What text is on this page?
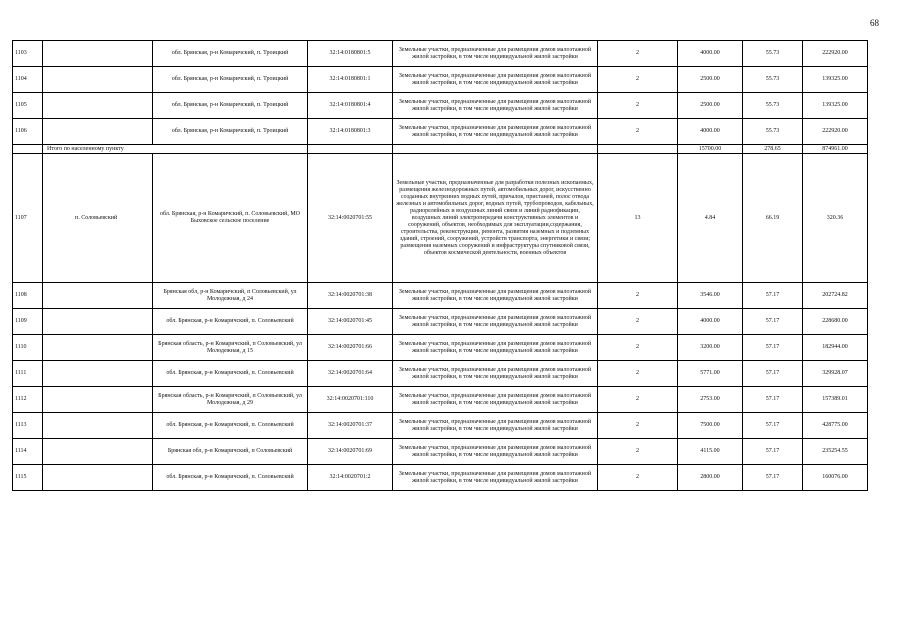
68
1103		обл. Брянская, р-н Комаричский, п. Троицкий	32:14:0180801:5	Земельные участки, предназначенные для размещения домов малоэтажной жилой застройки, в том числе индивидуальной жилой застройки	2	4000.00	55.73	222920.00
1104		обл. Брянская, р-н Комаричский, п. Троицкий	32:14:0180801:1	Земельные участки, предназначенные для размещения домов малоэтажной жилой застройки, в том числе индивидуальной жилой застройки	2	2500.00	55.73	139325.00
1105		обл. Брянская, р-н Комаричский, п. Троицкий	32:14:0180801:4	Земельные участки, предназначенные для размещения домов малоэтажной жилой застройки, в том числе индивидуальной жилой застройки	2	2500.00	55.73	139325.00
1106		обл. Брянская, р-н Комаричский, п. Троицкий	32:14:0180801:3	Земельные участки, предназначенные для размещения домов малоэтажной жилой застройки, в том числе индивидуальной жилой застройки	2	4000.00	55.73	222920.00
	Итого по населенному пункту					15700.00	278.65	874961.00
1107	п. Соловьевский	обл. Брянская, р-н Комаричский, п. Соловьевский, МО Быховское сельское поселение	32:14:0020701:55	Земельные участки, предназначенные для разработки полезных ископаемых, размещения железнодорожных путей, автомобильных дорог, искусственно созданных внутренних водных путей, причалов, пристаней, полос отвода железных и автомобильных дорог, водных путей, трубопроводов, кабельных, радиорелейных и воздушных линий связи и линий радиофикации, воздушных линий электропередачи конструктивных элементов и сооружений, объектов, необходимых для эксплуатации,содержания, строительства, реконструкции, ремонта, развития наземных и подземных зданий, строений, сооружений, устройств транспорта, энергетики и связи; размещения наземных сооружений и инфраструктуры спутниковой связи, объектов космической деятельности, военных объектов	13	4.84	66.19	320.36
1108		Брянская обл, р-н Комаричский, п Соловьевский, ул Молодежная, д 24	32:14:0020701:38	Земельные участки, предназначенные для размещения домов малоэтажной жилой застройки, в том числе индивидуальной жилой застройки	2	3546.00	57.17	202724.82
1109		обл. Брянская, р-н Комаричский, п. Соловьевский	32:14:0020701:45	Земельные участки, предназначенные для размещения домов малоэтажной жилой застройки, в том числе индивидуальной жилой застройки	2	4000.00	57.17	228680.00
1110		Брянская область, р-н Комаричский, п Соловьевский, ул Молодежная, д 15	32:14:0020701:66	Земельные участки, предназначенные для размещения домов малоэтажной жилой застройки, в том числе индивидуальной жилой застройки	2	3200.00	57.17	182944.00
1111		обл. Брянская, р-н Комаричский, п. Соловьевский	32:14:0020701:64	Земельные участки, предназначенные для размещения домов малоэтажной жилой застройки, в том числе индивидуальной жилой застройки	2	5771.00	57.17	329928.07
1112		Брянская область, р-н Комаричский, п Соловьевский, ул Молодежная, д 29	32:14:0020701:110	Земельные участки, предназначенные для размещения домов малоэтажной жилой застройки, в том числе индивидуальной жилой застройки	2	2753.00	57.17	157389.01
1113		обл. Брянская, р-н Комаричский, п. Соловьевский	32:14:0020701:37	Земельные участки, предназначенные для размещения домов малоэтажной жилой застройки, в том числе индивидуальной жилой застройки	2	7500.00	57.17	428775.00
1114		Брянская обл, р-н Комаричский, п Соловьевский	32:14:0020701:69	Земельные участки, предназначенные для размещения домов малоэтажной жилой застройки, в том числе индивидуальной жилой застройки	2	4115.00	57.17	235254.55
1115		обл. Брянская, р-н Комаричский, п. Соловьевский	32:14:0020701:2	Земельные участки, предназначенные для размещения домов малоэтажной жилой застройки, в том числе индивидуальной жилой застройки	2	2800.00	57.17	160076.00
